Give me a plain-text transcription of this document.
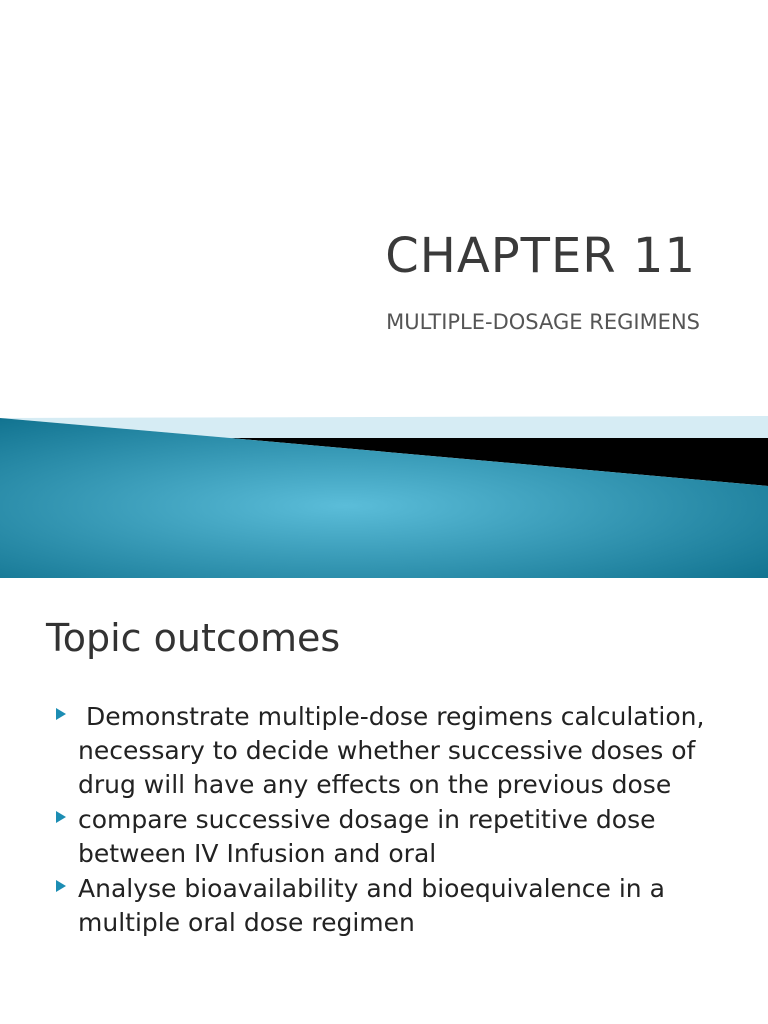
CHAPTER 11
MULTIPLE-DOSAGE REGIMENS
Topic outcomes
Demonstrate multiple-dose regimens calculation, necessary to decide whether successive doses of drug will have any effects on the previous dose
compare successive dosage in repetitive dose between IV Infusion and oral
Analyse bioavailability and bioequivalence in a multiple oral dose regimen
